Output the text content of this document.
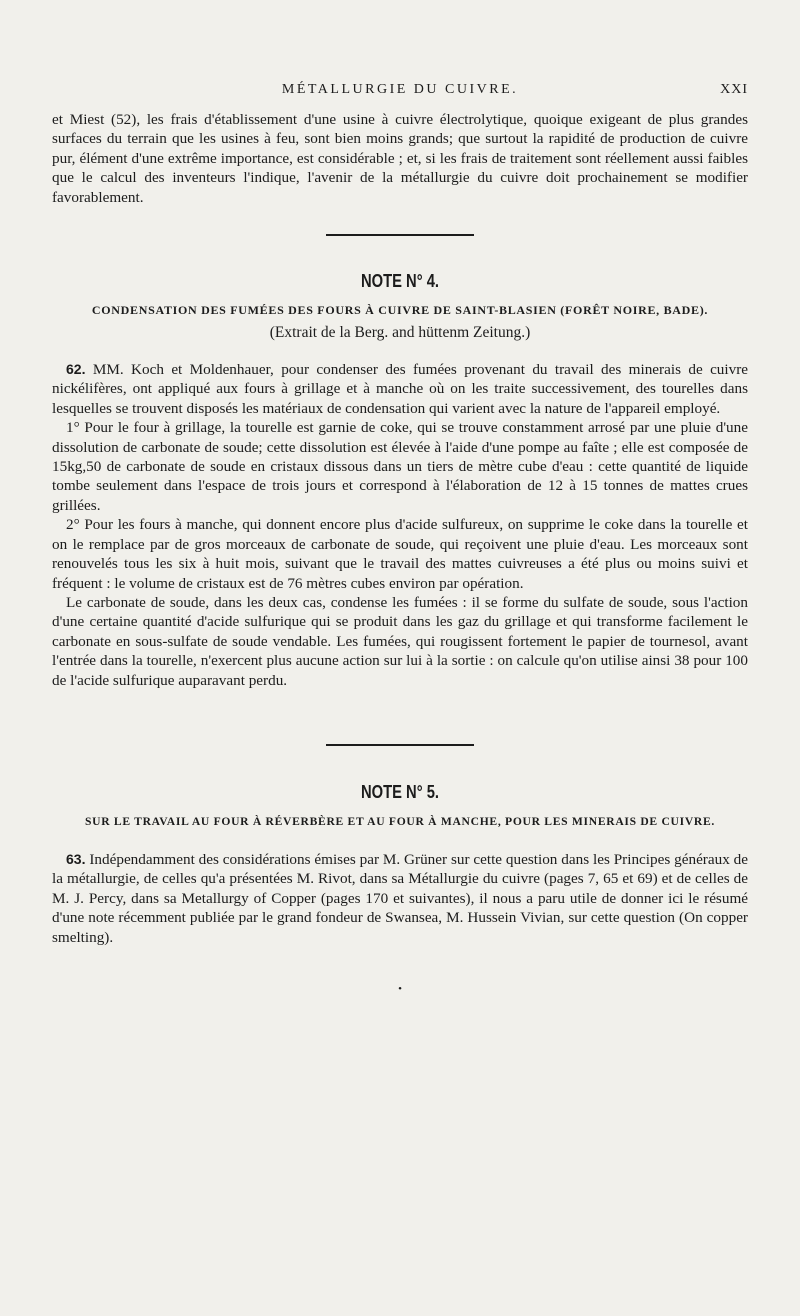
MÉTALLURGIE DU CUIVRE.	XXI

et Miest (52), les frais d'établissement d'une usine à cuivre électrolytique, quoique exigeant de plus grandes surfaces du terrain que les usines à feu, sont bien moins grands; que surtout la rapidité de production de cuivre pur, élément d'une extrême importance, est considérable ; et, si les frais de traitement sont réellement aussi faibles que le calcul des inventeurs l'indique, l'avenir de la métallurgie du cuivre doit prochainement se modifier favorablement.

NOTE N° 4.
CONDENSATION DES FUMÉES DES FOURS À CUIVRE DE SAINT-BLASIEN (FORÊT NOIRE, BADE).
(Extrait de la Berg. and hüttenm Zeitung.)

62. MM. Koch et Moldenhauer, pour condenser des fumées provenant du travail des minerais de cuivre nickélifères, ont appliqué aux fours à grillage et à manche où on les traite successivement, des tourelles dans lesquelles se trouvent disposés les matériaux de condensation qui varient avec la nature de l'appareil employé.

1° Pour le four à grillage, la tourelle est garnie de coke, qui se trouve constamment arrosé par une pluie d'une dissolution de carbonate de soude; cette dissolution est élevée à l'aide d'une pompe au faîte ; elle est composée de 15kg,50 de carbonate de soude en cristaux dissous dans un tiers de mètre cube d'eau : cette quantité de liquide tombe seulement dans l'espace de trois jours et correspond à l'élaboration de 12 à 15 tonnes de mattes crues grillées.

2° Pour les fours à manche, qui donnent encore plus d'acide sulfureux, on supprime le coke dans la tourelle et on le remplace par de gros morceaux de carbonate de soude, qui reçoivent une pluie d'eau. Les morceaux sont renouvelés tous les six à huit mois, suivant que le travail des mattes cuivreuses a été plus ou moins suivi et fréquent : le volume de cristaux est de 76 mètres cubes environ par opération.

Le carbonate de soude, dans les deux cas, condense les fumées : il se forme du sulfate de soude, sous l'action d'une certaine quantité d'acide sulfurique qui se produit dans les gaz du grillage et qui transforme facilement le carbonate en sous-sulfate de soude vendable. Les fumées, qui rougissent fortement le papier de tournesol, avant l'entrée dans la tourelle, n'exercent plus aucune action sur lui à la sortie : on calcule qu'on utilise ainsi 38 pour 100 de l'acide sulfurique auparavant perdu.

NOTE N° 5.
SUR LE TRAVAIL AU FOUR À RÉVERBÈRE ET AU FOUR À MANCHE, POUR LES MINERAIS DE CUIVRE.

63. Indépendamment des considérations émises par M. Grüner sur cette question dans les Principes généraux de la métallurgie, de celles qu'a présentées M. Rivot, dans sa Métallurgie du cuivre (pages 7, 65 et 69) et de celles de M. J. Percy, dans sa Metallurgy of Copper (pages 170 et suivantes), il nous a paru utile de donner ici le résumé d'une note récemment publiée par le grand fondeur de Swansea, M. Hussein Vivian, sur cette question (On copper smelting).

•
